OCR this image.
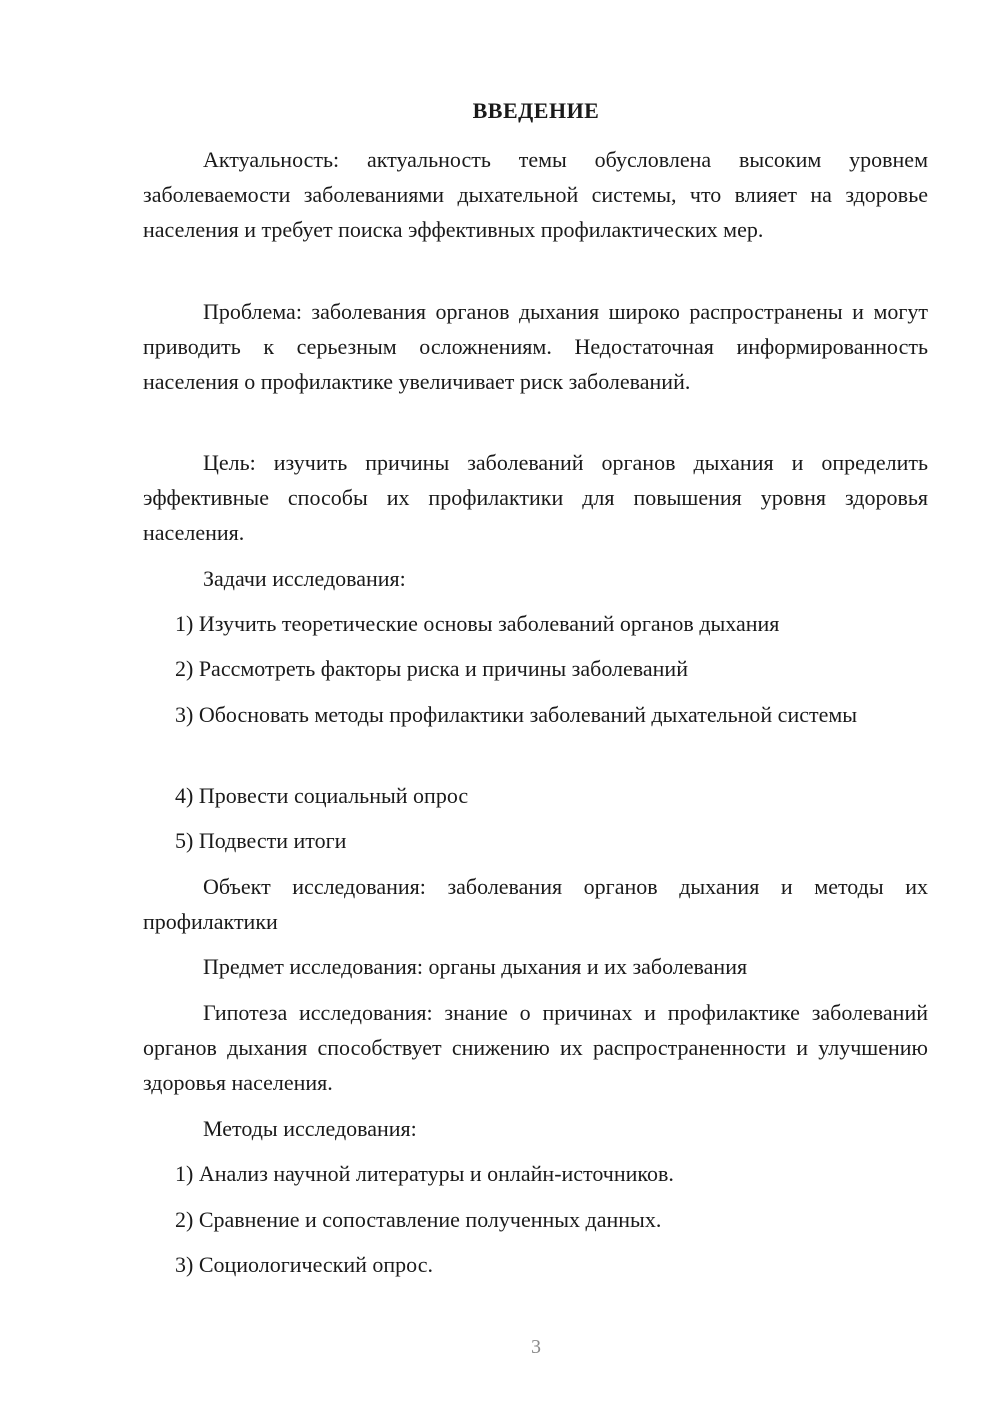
ВВЕДЕНИЕ

Актуальность: актуальность темы обусловлена высоким уровнем заболеваемости заболеваниями дыхательной системы, что влияет на здоровье населения и требует поиска эффективных профилактических мер.

Проблема: заболевания органов дыхания широко распространены и могут приводить к серьезным осложнениям. Недостаточная информированность населения о профилактике увеличивает риск заболеваний.

Цель: изучить причины заболеваний органов дыхания и определить эффективные способы их профилактики для повышения уровня здоровья населения.

Задачи исследования:

1) Изучить теоретические основы заболеваний органов дыхания

2) Рассмотреть факторы риска и причины заболеваний

3) Обосновать методы профилактики заболеваний дыхательной системы

4) Провести социальный опрос

5) Подвести итоги

Объект исследования: заболевания органов дыхания и методы их профилактики

Предмет исследования: органы дыхания и их заболевания

Гипотеза исследования: знание о причинах и профилактике заболеваний органов дыхания способствует снижению их распространенности и улучшению здоровья населения.

Методы исследования:

1) Анализ научной литературы и онлайн-источников.

2) Сравнение и сопоставление полученных данных.

3) Социологический опрос.

3
